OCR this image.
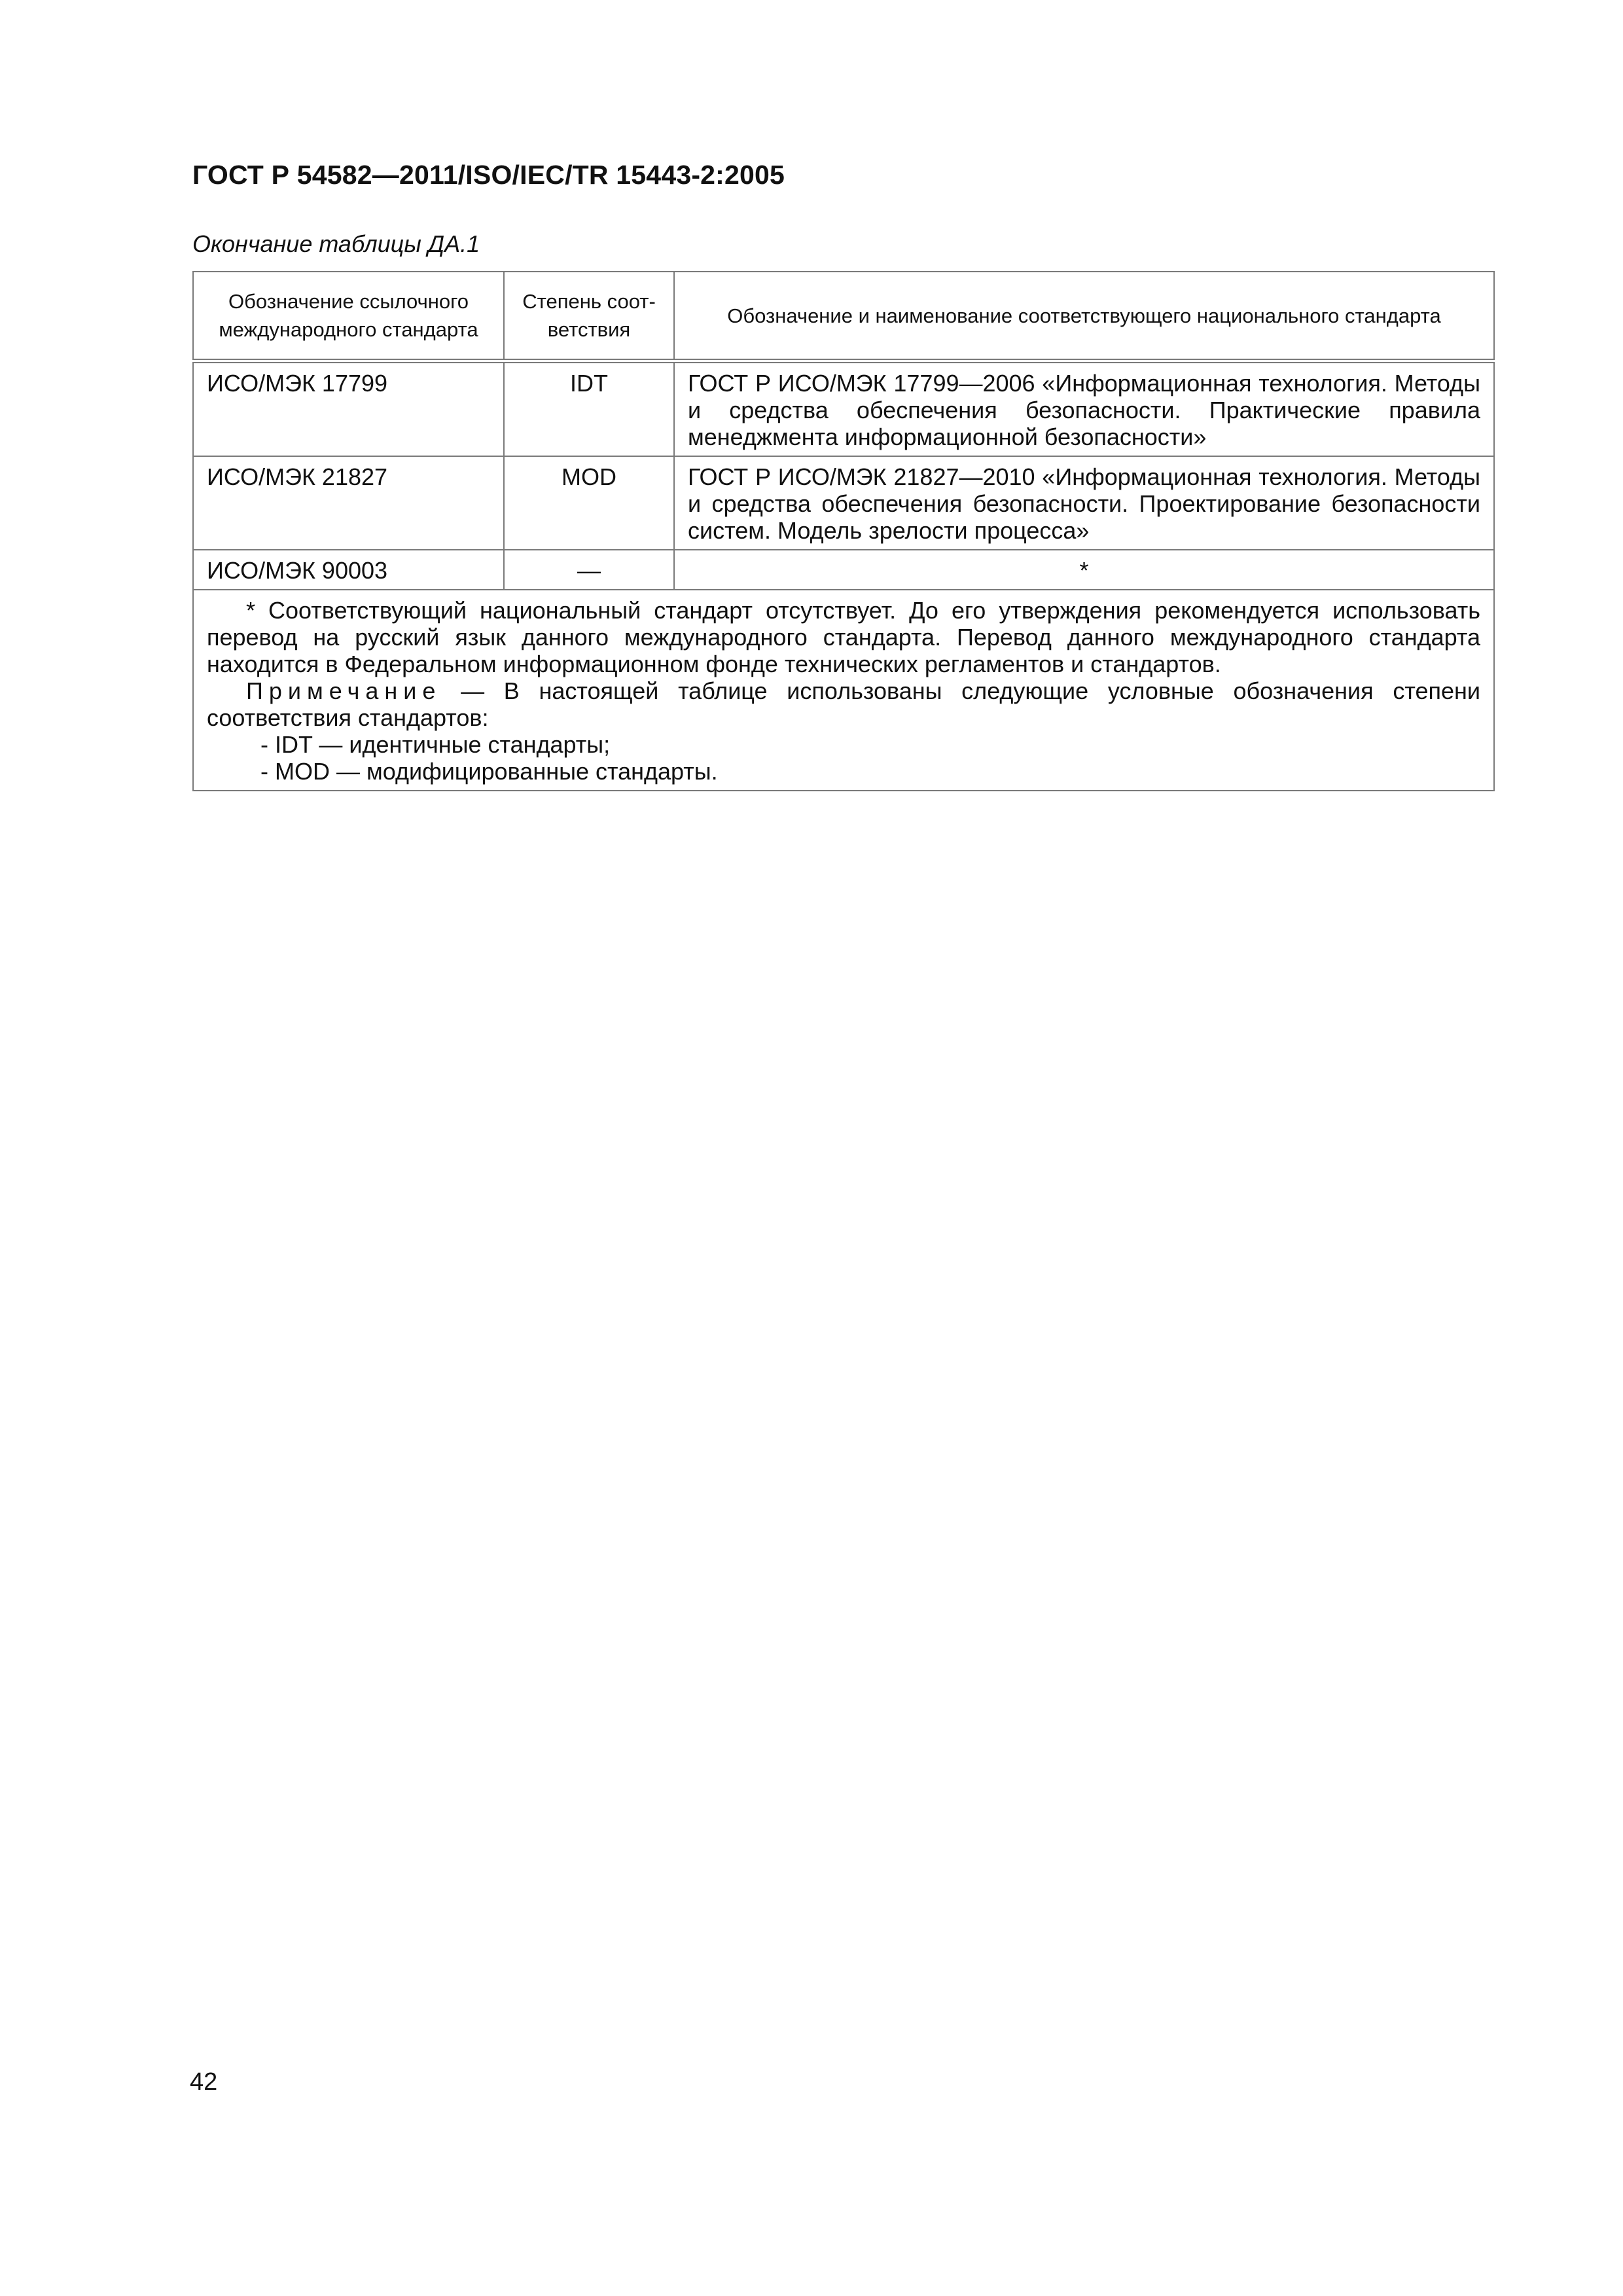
ГОСТ Р 54582—2011/ISO/IEC/TR 15443-2:2005
Окончание таблицы ДА.1
Обозначение ссылочного международного стандарта	Степень соот-ветствия	Обозначение и наименование соответствующего национального стандарта
ИСО/МЭК 17799	IDT	ГОСТ Р ИСО/МЭК 17799—2006 «Информационная технология. Методы и средства обеспечения безопасности. Практические правила менеджмента информационной безопасности»
ИСО/МЭК 21827	MOD	ГОСТ Р ИСО/МЭК 21827—2010 «Информационная технология. Методы и средства обеспечения безопасности. Проектирование безопасности систем. Модель зрелости процесса»
ИСО/МЭК 90003	—	*

* Соответствующий национальный стандарт отсутствует. До его утверждения рекомендуется использовать перевод на русский язык данного международного стандарта. Перевод данного международного стандарта находится в Федеральном информационном фонде технических регламентов и стандартов.

Примечание — В настоящей таблице использованы следующие условные обозначения степени соответствия стандартов:

- IDT — идентичные стандарты;

- MOD — модифицированные стандарты.		

42
